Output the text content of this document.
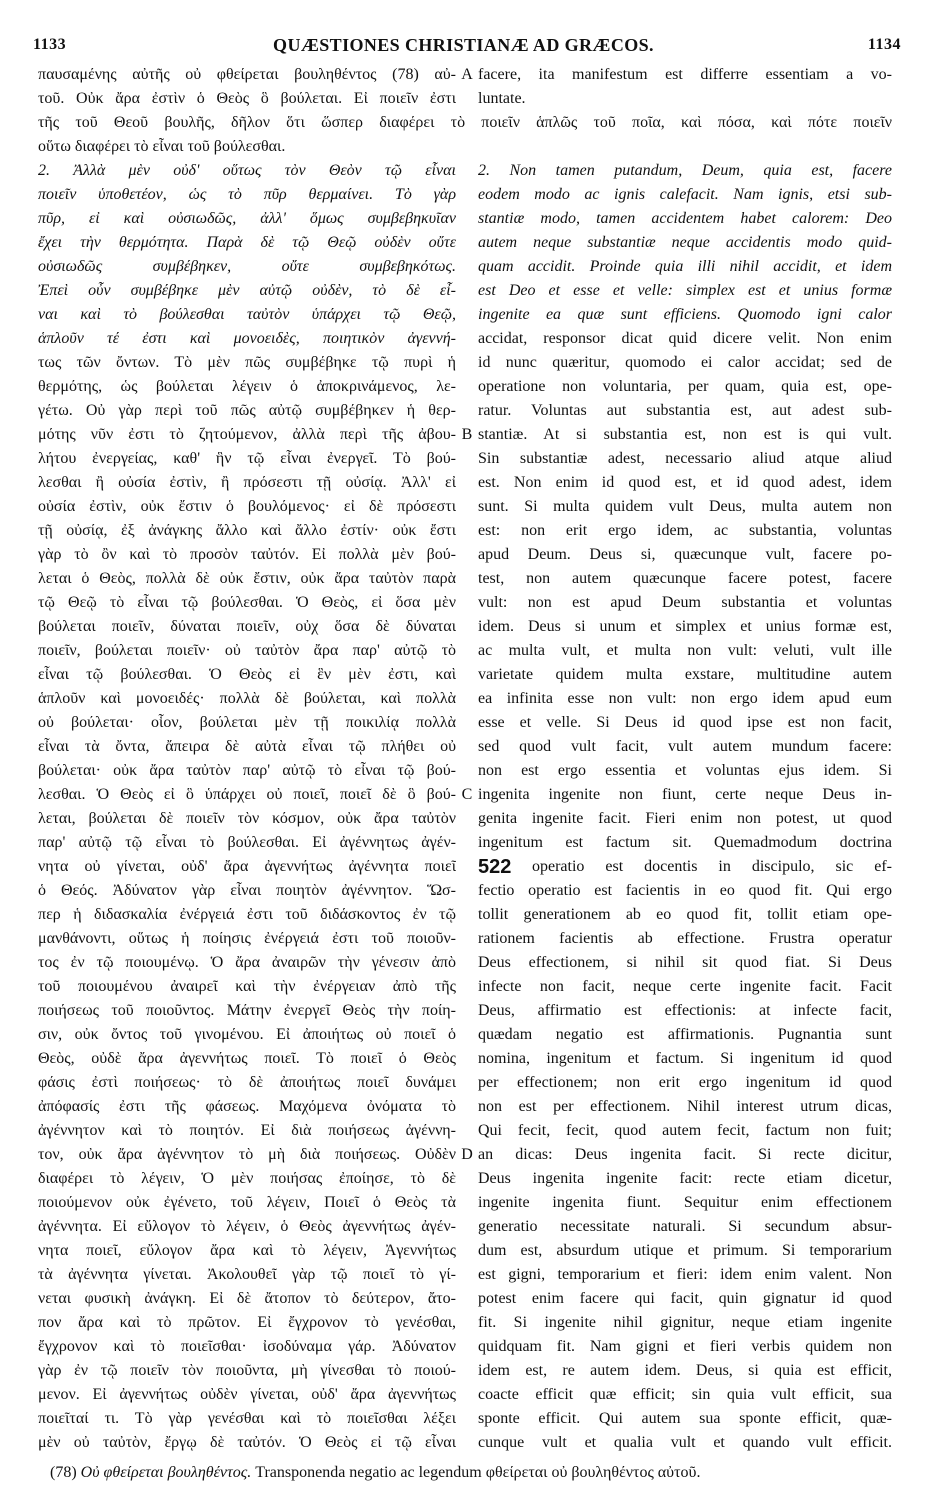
1133	QUÆSTIONES CHRISTIANÆ AD GRÆCOS.	1134
παυσαμένης αὐτῆς οὐ φθείρεται βουληθέντος (78) αὐ- A facere, ita manifestum est differre essentiam a vo-
τοῦ. Οὐκ ἄρα ἐστὶν ὁ Θεὸς ὃ βούλεται. Εἰ ποιεῖν ἐστι luntate.
τῆς τοῦ Θεοῦ βουλῆς, δῆλον ὅτι ὥσπερ διαφέρει τὸ ποιεῖν ἁπλῶς τοῦ ποῖα, καὶ πόσα, καὶ πότε ποιεῖν
οὕτω διαφέρει τὸ εἶναι τοῦ βούλεσθαι.
2. Ἀλλὰ μὲν οὐδ' οὕτως τὸν Θεὸν τῷ εἶναι 2. Non tamen putandum, Deum, quia est, facere
ποιεῖν ὑποθετέον, ὡς τὸ πῦρ θερμαίνει. Τὸ γὰρ eodem modo ac ignis calefacit. Nam ignis, etsi sub-
πῦρ, εἰ καὶ οὐσιωδῶς, ἀλλ' ὅμως συμβεβηκυῖαν stantiæ modo, tamen accidentem habet calorem: Deo
ἔχει τὴν θερμότητα. Παρὰ δὲ τῷ Θεῷ οὐδὲν οὔτε autem neque substantiæ neque accidentis modo quid-
οὐσιωδῶς συμβέβηκεν, οὔτε συμβεβηκότως. quam accidit. Proinde quia illi nihil accidit, et idem
Ἐπεὶ οὖν συμβέβηκε μὲν αὐτῷ οὐδὲν, τὸ δὲ εἶ- est Deo et esse et velle: simplex est et unius formæ
ναι καὶ τὸ βούλεσθαι ταὐτὸν ὑπάρχει τῷ Θεῷ, ingenite ea quæ sunt efficiens. Quomodo igni calor
ἁπλοῦν τέ ἐστι καὶ μονοειδὲς, ποιητικὸν ἀγεννή- accidat, responsor dicat quid dicere velit. Non enim
τως τῶν ὄντων. Τὸ μὲν πῶς συμβέβηκε τῷ πυρὶ ἡ id nunc quæritur, quomodo ei calor accidat; sed de
θερμότης, ὡς βούλεται λέγειν ὁ ἀποκρινάμενος, λε- operatione non voluntaria, per quam, quia est, ope-
γέτω. Οὐ γὰρ περὶ τοῦ πῶς αὐτῷ συμβέβηκεν ἡ θερ- ratur. Voluntas aut substantia est, aut adest sub-
μότης νῦν ἐστι τὸ ζητούμενον, ἀλλὰ περὶ τῆς ἀβου- B stantiæ. At si substantia est, non est is qui vult.
λήτου ἐνεργείας, καθ' ἣν τῷ εἶναι ἐνεργεῖ. Τὸ βού- Sin substantiæ adest, necessario aliud atque aliud
λεσθαι ἢ οὐσία ἐστὶν, ἢ πρόσεστι τῇ οὐσίᾳ. Ἀλλ' εἰ est. Non enim id quod est, et id quod adest, idem
οὐσία ἐστὶν, οὐκ ἔστιν ὁ βουλόμενος· εἰ δὲ πρόσεστι sunt. Si multa quidem vult Deus, multa autem non
τῇ οὐσίᾳ, ἐξ ἀνάγκης ἄλλο καὶ ἄλλο ἐστίν· οὐκ ἔστι est: non erit ergo idem, ac substantia, voluntas
γὰρ τὸ ὂν καὶ τὸ προσὸν ταὐτόν. Εἰ πολλὰ μὲν βού- apud Deum. Deus si, quæcunque vult, facere po-
λεται ὁ Θεὸς, πολλὰ δὲ οὐκ ἔστιν, οὐκ ἄρα ταὐτὸν παρὰ test, non autem quæcunque facere potest, facere
τῷ Θεῷ τὸ εἶναι τῷ βούλεσθαι. Ὁ Θεὸς, εἰ ὅσα μὲν vult: non est apud Deum substantia et voluntas
βούλεται ποιεῖν, δύναται ποιεῖν, οὐχ ὅσα δὲ δύναται idem. Deus si unum et simplex et unius formæ est,
ποιεῖν, βούλεται ποιεῖν· οὐ ταὐτὸν ἄρα παρ' αὐτῷ τὸ ac multa vult, et multa non vult: veluti, vult ille
εἶναι τῷ βούλεσθαι. Ὁ Θεὸς εἰ ἓν μὲν ἐστι, καὶ varietate quidem multa exstare, multitudine autem
ἁπλοῦν καὶ μονοειδές· πολλὰ δὲ βούλεται, καὶ πολλὰ ea infinita esse non vult: non ergo idem apud eum
οὐ βούλεται· οἷον, βούλεται μὲν τῇ ποικιλίᾳ πολλὰ esse et velle. Si Deus id quod ipse est non facit,
εἶναι τὰ ὄντα, ἄπειρα δὲ αὐτὰ εἶναι τῷ πλήθει οὐ sed quod vult facit, vult autem mundum facere:
βούλεται· οὐκ ἄρα ταὐτὸν παρ' αὐτῷ τὸ εἶναι τῷ βού- non est ergo essentia et voluntas ejus idem. Si
λεσθαι. Ὁ Θεὸς εἰ ὃ ὑπάρχει οὐ ποιεῖ, ποιεῖ δὲ ὃ βού- C ingenita ingenite non fiunt, certe neque Deus in-
λεται, βούλεται δὲ ποιεῖν τὸν κόσμον, οὐκ ἄρα ταὐτὸν genita ingenite facit. Fieri enim non potest, ut quod
παρ' αὐτῷ τῷ εἶναι τὸ βούλεσθαι. Εἰ ἀγέννητως ἀγέν- ingenitum est factum sit. Quemadmodum doctrina
νητα οὐ γίνεται, οὐδ' ἄρα ἀγεννήτως ἀγέννητα ποιεῖ 522 operatio est docentis in discipulo, sic ef-
ὁ Θεός. Ἀδύνατον γὰρ εἶναι ποιητὸν ἀγέννητον. Ὥσ- fectio operatio est facientis in eo quod fit. Qui ergo
περ ἡ διδασκαλία ἐνέργειά ἐστι τοῦ διδάσκοντος ἐν τῷ tollit generationem ab eo quod fit, tollit etiam ope-
μανθάνοντι, οὕτως ἡ ποίησις ἐνέργειά ἐστι τοῦ ποιοῦν- rationem facientis ab effectione. Frustra operatur
τος ἐν τῷ ποιουμένῳ. Ὁ ἄρα ἀναιρῶν τὴν γένεσιν ἀπὸ Deus effectionem, si nihil sit quod fiat. Si Deus
τοῦ ποιουμένου ἀναιρεῖ καὶ τὴν ἐνέργειαν ἀπὸ τῆς infecte non facit, neque certe ingenite facit. Facit
ποιήσεως τοῦ ποιοῦντος. Μάτην ἐνεργεῖ Θεὸς τὴν ποίη- Deus, affirmatio est effectionis: at infecte facit,
σιν, οὐκ ὄντος τοῦ γινομένου. Εἰ ἀποιήτως οὐ ποιεῖ ὁ quædam negatio est affirmationis. Pugnantia sunt
Θεὸς, οὐδὲ ἄρα ἀγεννήτως ποιεῖ. Τὸ ποιεῖ ὁ Θεὸς nomina, ingenitum et factum. Si ingenitum id quod
φάσις ἐστὶ ποιήσεως· τὸ δὲ ἀποιήτως ποιεῖ δυνάμει per effectionem; non erit ergo ingenitum id quod
ἀπόφασίς ἐστι τῆς φάσεως. Μαχόμενα ὀνόματα τὸ non est per effectionem. Nihil interest utrum dicas,
ἀγέννητον καὶ τὸ ποιητόν. Εἰ διὰ ποιήσεως ἀγέννη- Qui fecit, fecit, quod autem fecit, factum non fuit;
τον, οὐκ ἄρα ἀγέννητον τὸ μὴ διὰ ποιήσεως. Οὐδὲν D an dicas: Deus ingenita facit. Si recte dicitur,
διαφέρει τὸ λέγειν, Ὁ μὲν ποιήσας ἐποίησε, τὸ δὲ Deus ingenita ingenite facit: recte etiam dicetur,
ποιούμενον οὐκ ἐγένετο, τοῦ λέγειν, Ποιεῖ ὁ Θεὸς τὰ ingenite ingenita fiunt. Sequitur enim effectionem
ἀγέννητα. Εἰ εὔλογον τὸ λέγειν, ὁ Θεὸς ἀγεννήτως ἀγέν- generatio necessitate naturali. Si secundum absur-
νητα ποιεῖ, εὔλογον ἄρα καὶ τὸ λέγειν, Ἀγεννήτως dum est, absurdum utique et primum. Si temporarium
τὰ ἀγέννητα γίνεται. Ἀκολουθεῖ γὰρ τῷ ποιεῖ τὸ γί- est gigni, temporarium et fieri: idem enim valent. Non
νεται φυσικὴ ἀνάγκη. Εἰ δὲ ἄτοπον τὸ δεύτερον, ἄτο- potest enim facere qui facit, quin gignatur id quod
πον ἄρα καὶ τὸ πρῶτον. Εἰ ἔγχρονον τὸ γενέσθαι, fit. Si ingenite nihil gignitur, neque etiam ingenite
ἔγχρονον καὶ τὸ ποιεῖσθαι· ἰσοδύναμα γάρ. Ἀδύνατον quidquam fit. Nam gigni et fieri verbis quidem non
γὰρ ἐν τῷ ποιεῖν τὸν ποιοῦντα, μὴ γίνεσθαι τὸ ποιού- idem est, re autem idem. Deus, si quia est efficit,
μενον. Εἰ ἀγεννήτως οὐδὲν γίνεται, οὐδ' ἄρα ἀγεννήτως coacte efficit quæ efficit; sin quia vult efficit, sua
ποιεῖταί τι. Τὸ γὰρ γενέσθαι καὶ τὸ ποιεῖσθαι λέξει sponte efficit. Qui autem sua sponte efficit, quæ-
μὲν οὐ ταὐτὸν, ἔργῳ δὲ ταὐτόν. Ὁ Θεὸς εἰ τῷ εἶναι cunque vult et qualia vult et quando vult efficit.
(78) Οὐ φθείρεται βουληθέντος. Transponenda negatio ac legendum φθείρεται οὐ βουληθέντος αὐτοῦ.
